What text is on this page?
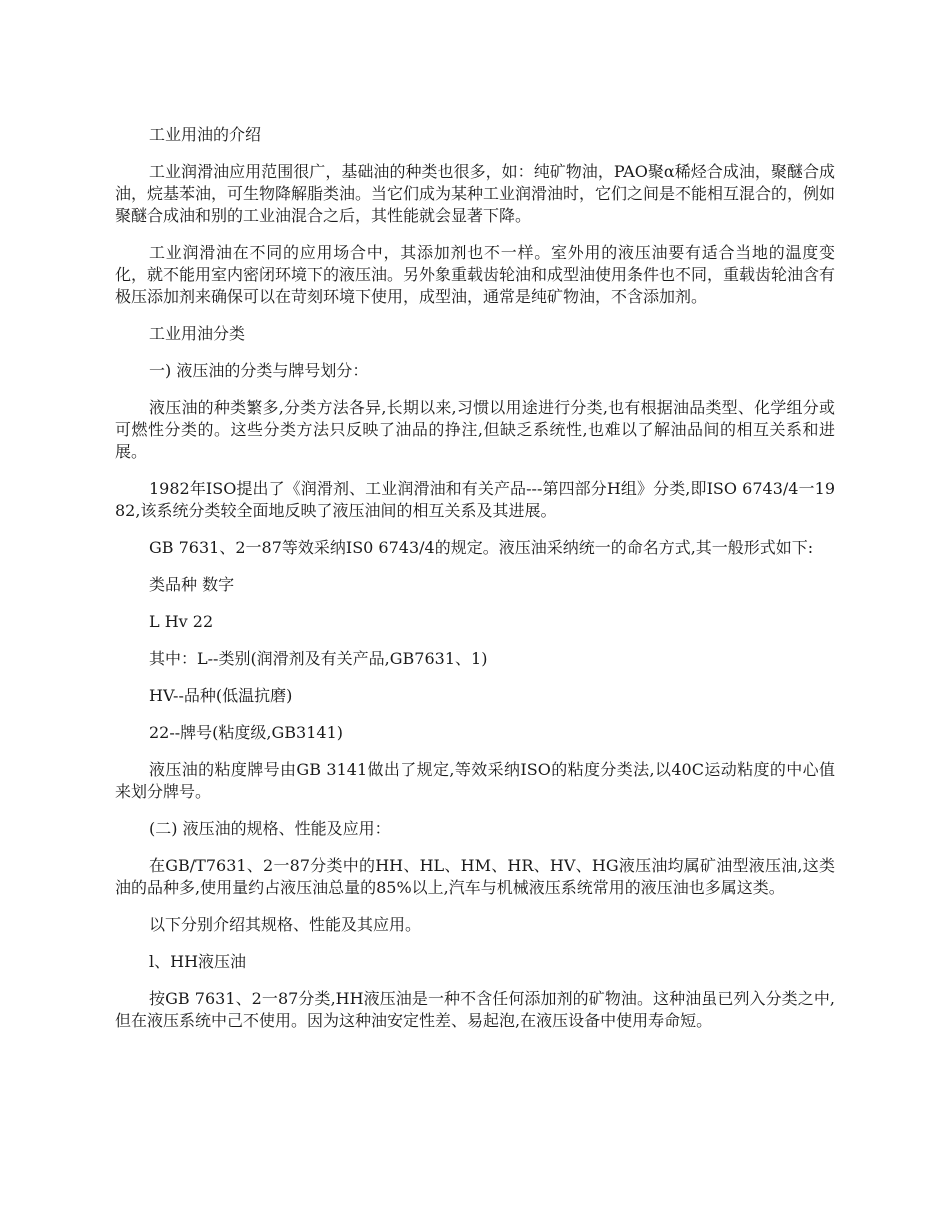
工业用油的介绍

工业润滑油应用范围很广，基础油的种类也很多，如：纯矿物油，PAO聚α稀烃合成油，聚醚合成油，烷基苯油，可生物降解脂类油。当它们成为某种工业润滑油时，它们之间是不能相互混合的，例如聚醚合成油和别的工业油混合之后，其性能就会显著下降。

工业润滑油在不同的应用场合中，其添加剂也不一样。室外用的液压油要有适合当地的温度变化，就不能用室内密闭环境下的液压油。另外象重载齿轮油和成型油使用条件也不同，重载齿轮油含有极压添加剂来确保可以在苛刻环境下使用，成型油，通常是纯矿物油，不含添加剂。

工业用油分类

一) 液压油的分类与牌号划分：

液压油的种类繁多,分类方法各异,长期以来,习惯以用途进行分类,也有根据油品类型、化学组分或可燃性分类的。这些分类方法只反映了油品的挣注,但缺乏系统性,也难以了解油品间的相互关系和进展。

1982年ISO提出了《润滑剂、工业润滑油和有关产品---第四部分H组》分类,即ISO 6743/4一1982,该系统分类较全面地反映了液压油间的相互关系及其进展。

GB 7631、2一87等效采纳ⅠS0 6743/4的规定。液压油采纳统一的命名方式,其一般形式如下:

类品种 数字

L Hv 22

其中：L--类别(润滑剂及有关产品,GB7631、1)

HV--品种(低温抗磨)

22--牌号(粘度级,GB3141)

液压油的粘度牌号由GB 3141做出了规定,等效采纳ISO的粘度分类法,以40C运动粘度的中心值来划分牌号。

(二) 液压油的规格、性能及应用：

在GB/T7631、2一87分类中的HH、HL、HM、HR、HV、HG液压油均属矿油型液压油,这类油的品种多,使用量约占液压油总量的85%以上,汽车与机械液压系统常用的液压油也多属这类。

以下分别介绍其规格、性能及其应用。

l、HH液压油

按GB 7631、2一87分类,HH液压油是一种不含任何添加剂的矿物油。这种油虽已列入分类之中,但在液压系统中己不使用。因为这种油安定性差、易起泡,在液压设备中使用寿命短。
